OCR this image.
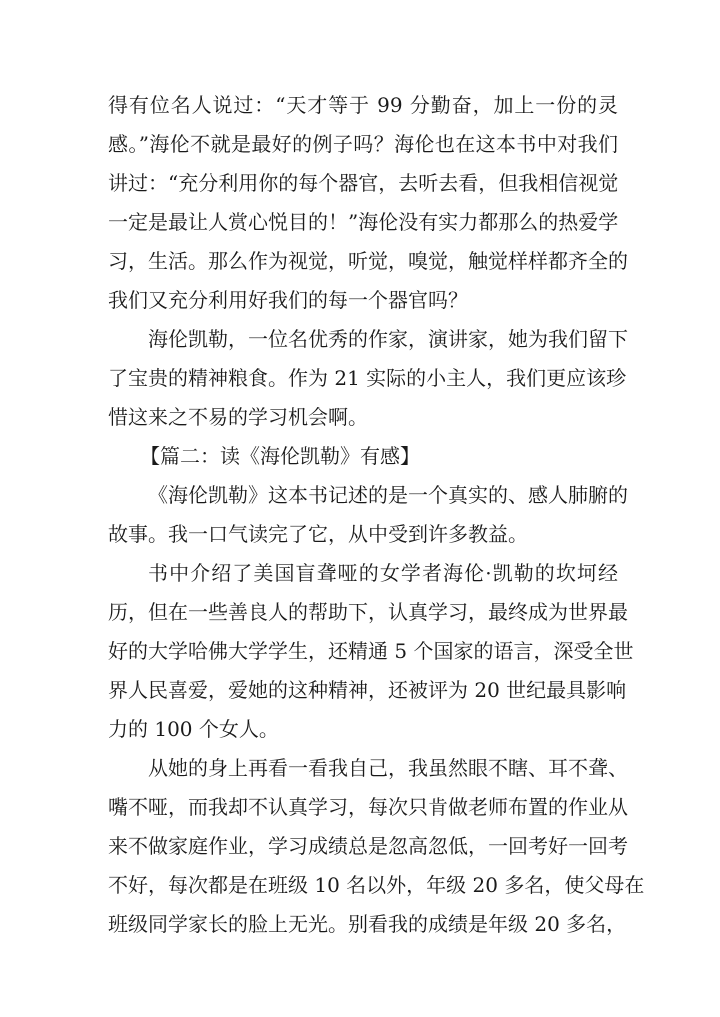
得有位名人说过：“天才等于 99 分勤奋，加上一份的灵
感。”海伦不就是最好的例子吗？海伦也在这本书中对我们
讲过：“充分利用你的每个器官，去听去看，但我相信视觉
一定是最让人赏心悦目的！”海伦没有实力都那么的热爱学
习，生活。那么作为视觉，听觉，嗅觉，触觉样样都齐全的
我们又充分利用好我们的每一个器官吗？
海伦凯勒，一位名优秀的作家，演讲家，她为我们留下
了宝贵的精神粮食。作为 21 实际的小主人，我们更应该珍
惜这来之不易的学习机会啊。
【篇二：读《海伦凯勒》有感】
《海伦凯勒》这本书记述的是一个真实的、感人肺腑的
故事。我一口气读完了它，从中受到许多教益。
书中介绍了美国盲聋哑的女学者海伦·凯勒的坎坷经
历，但在一些善良人的帮助下，认真学习，最终成为世界最
好的大学哈佛大学学生，还精通 5 个国家的语言，深受全世
界人民喜爱，爱她的这种精神，还被评为 20 世纪最具影响
力的 100 个女人。
从她的身上再看一看我自己，我虽然眼不瞎、耳不聋、
嘴不哑，而我却不认真学习，每次只肯做老师布置的作业从
来不做家庭作业，学习成绩总是忽高忽低，一回考好一回考
不好，每次都是在班级 10 名以外，年级 20 多名，使父母在
班级同学家长的脸上无光。别看我的成绩是年级 20 多名，
